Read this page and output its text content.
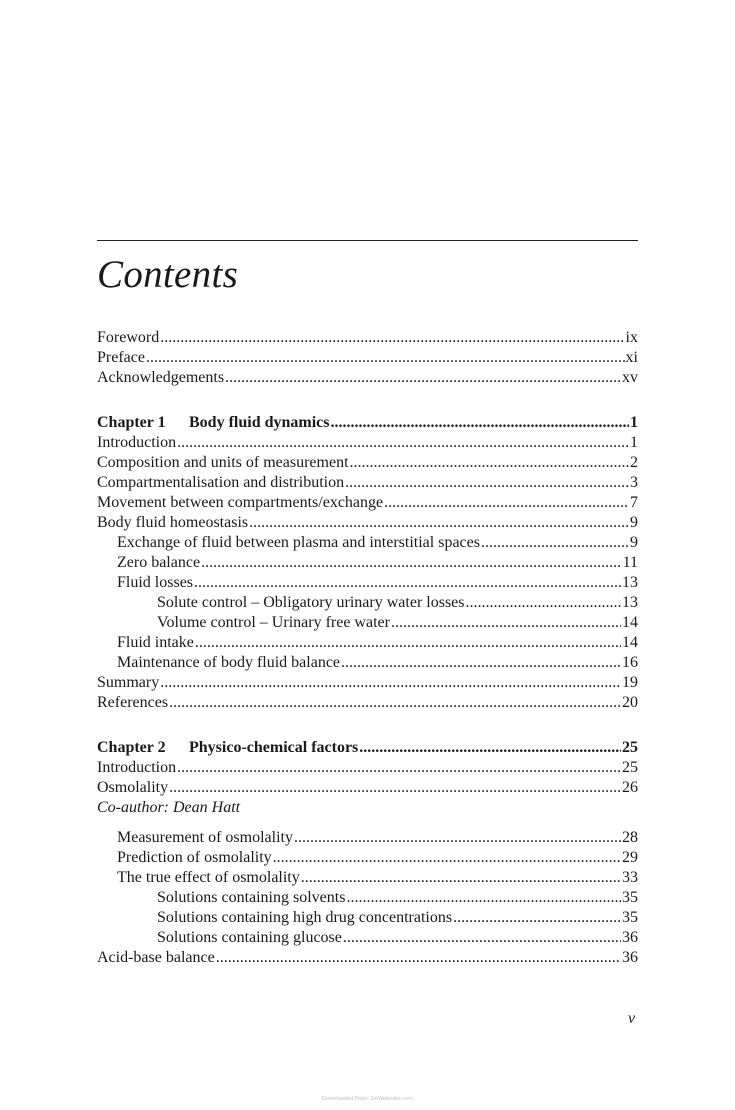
Contents
Foreword .....	ix
Preface .....	xi
Acknowledgements .....	xv
Chapter 1 Body fluid dynamics .....	1
Introduction .....	1
Composition and units of measurement .....	2
Compartmentalisation and distribution .....	3
Movement between compartments/exchange .....	7
Body fluid homeostasis .....	9
Exchange of fluid between plasma and interstitial spaces .....	9
Zero balance .....	11
Fluid losses .....	13
Solute control – Obligatory urinary water losses .....	13
Volume control – Urinary free water .....	14
Fluid intake .....	14
Maintenance of body fluid balance .....	16
Summary .....	19
References .....	20
Chapter 2 Physico-chemical factors .....	25
Introduction .....	25
Osmolality .....	26
Co-author: Dean Hatt
Measurement of osmolality .....	28
Prediction of osmolality .....	29
The true effect of osmolality .....	33
Solutions containing solvents .....	35
Solutions containing high drug concentrations .....	35
Solutions containing glucose .....	36
Acid-base balance .....	36
v
Downloaded From: 1stWebooks.com
